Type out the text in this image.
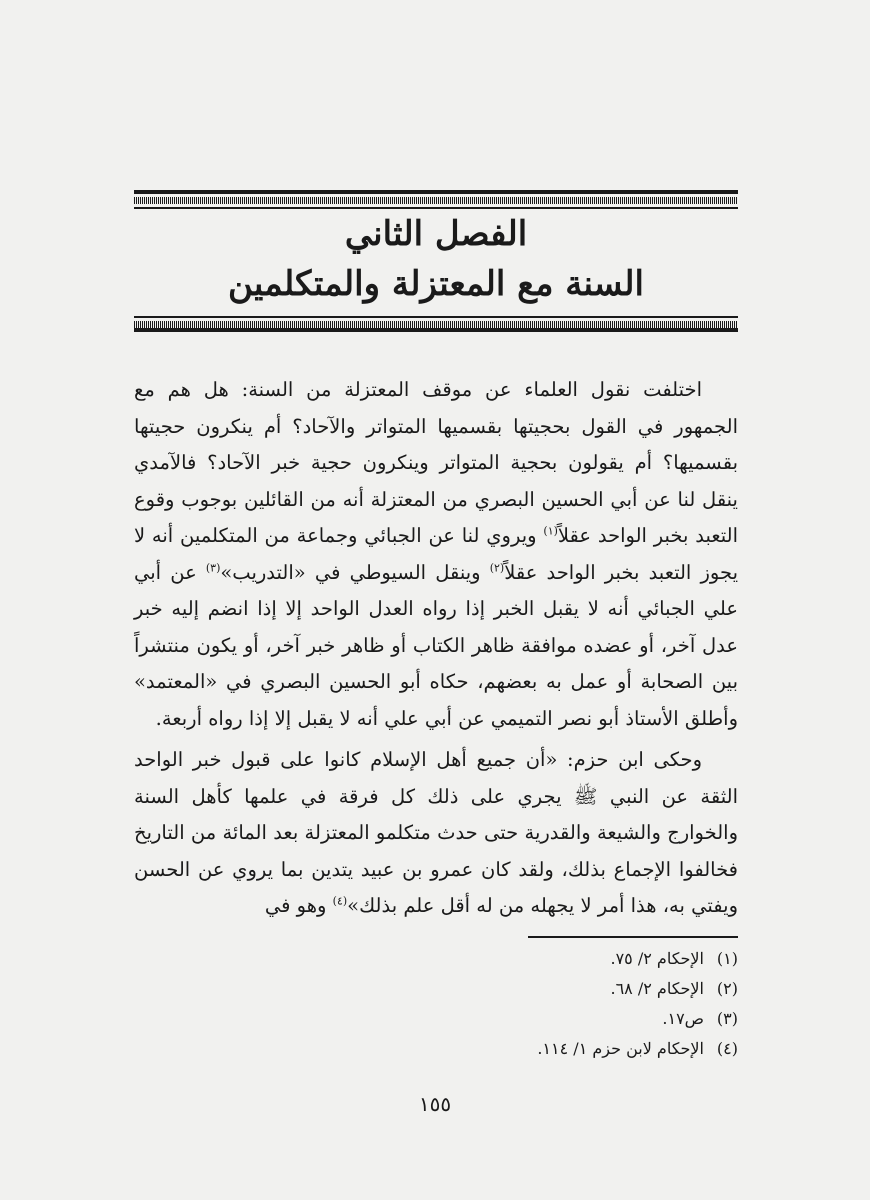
الفصل الثاني
السنة مع المعتزلة والمتكلمين

اختلفت نقول العلماء عن موقف المعتزلة من السنة: هل هم مع الجمهور في القول بحجيتها بقسميها المتواتر والآحاد؟ أم ينكرون حجيتها بقسميها؟ أم يقولون بحجية المتواتر وينكرون حجية خبر الآحاد؟ فالآمدي ينقل لنا عن أبي الحسين البصري من المعتزلة أنه من القائلين بوجوب وقوع التعبد بخبر الواحد عقلاً$^{(١)}$ ويروي لنا عن الجبائي وجماعة من المتكلمين أنه لا يجوز التعبد بخبر الواحد عقلاً$^{(٢)}$ وينقل السيوطي في «التدريب»$^{(٣)}$ عن أبي علي الجبائي أنه لا يقبل الخبر إذا رواه العدل الواحد إلا إذا انضم إليه خبر عدل آخر، أو عضده موافقة ظاهر الكتاب أو ظاهر خبر آخر، أو يكون منتشراً بين الصحابة أو عمل به بعضهم، حكاه أبو الحسين البصري في «المعتمد» وأطلق الأستاذ أبو نصر التميمي عن أبي علي أنه لا يقبل إلا إذا رواه أربعة.

وحكى ابن حزم: «أن جميع أهل الإسلام كانوا على قبول خبر الواحد الثقة عن النبي ﷺ يجري على ذلك كل فرقة في علمها كأهل السنة والخوارج والشيعة والقدرية حتى حدث متكلمو المعتزلة بعد المائة من التاريخ فخالفوا الإجماع بذلك، ولقد كان عمرو بن عبيد يتدين بما يروي عن الحسن ويفتي به، هذا أمر لا يجهله من له أقل علم بذلك»$^{(٤)}$ وهو في

(١)
الإحكام ٢/ ٧٥.
(٢)
الإحكام ٢/ ٦٨.
(٣)
ص١٧.
(٤)
الإحكام لابن حزم ١/ ١١٤.
١٥٥
